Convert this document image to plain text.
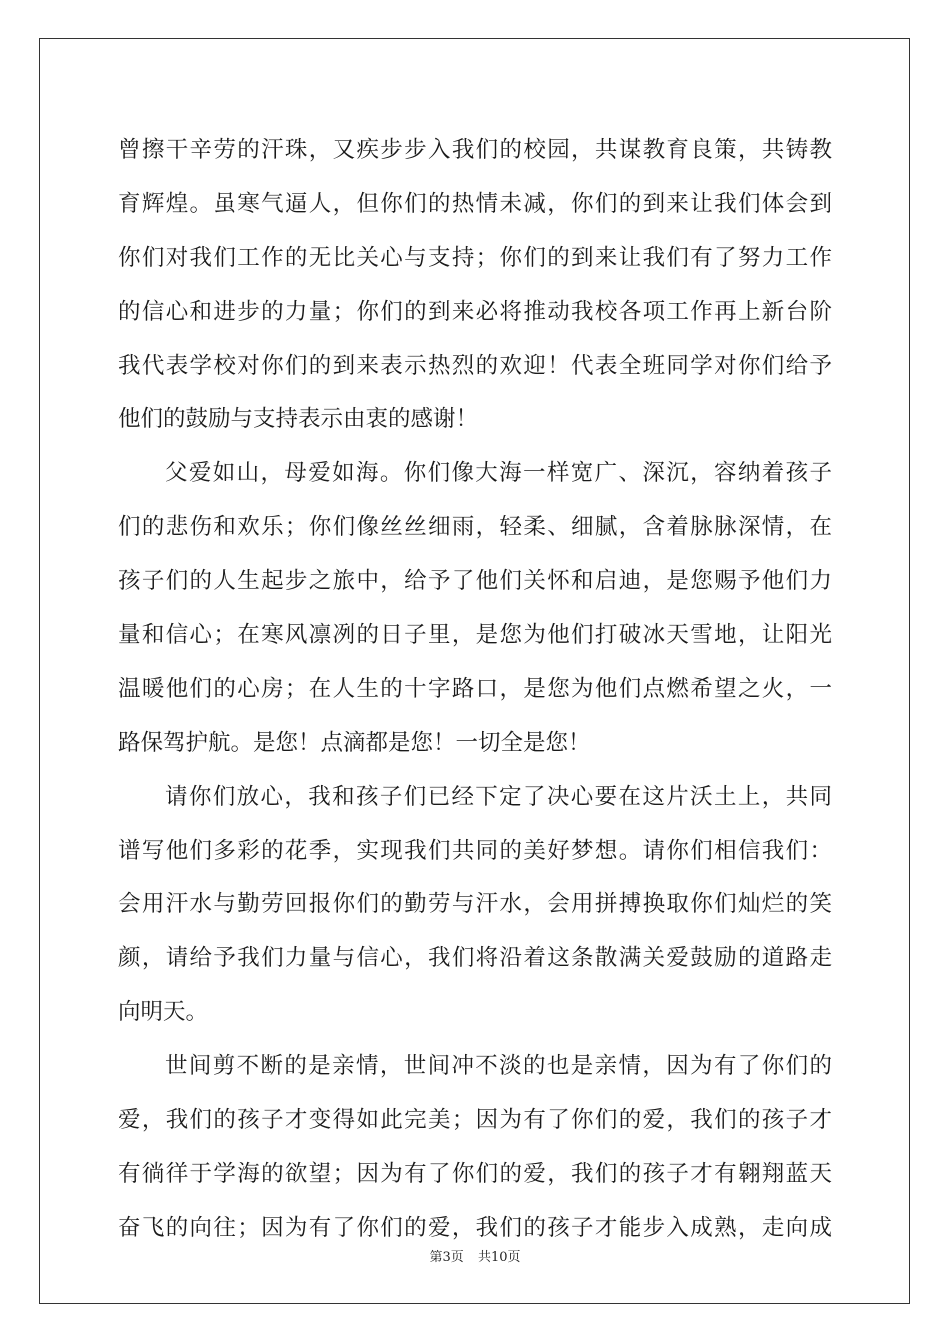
曾擦干辛劳的汗珠，又疾步步入我们的校园，共谋教育良策，共铸教
育辉煌。虽寒气逼人，但你们的热情未减，你们的到来让我们体会到
你们对我们工作的无比关心与支持；你们的到来让我们有了努力工作
的信心和进步的力量；你们的到来必将推动我校各项工作再上新台阶
我代表学校对你们的到来表示热烈的欢迎！代表全班同学对你们给予
他们的鼓励与支持表示由衷的感谢！
父爱如山，母爱如海。你们像大海一样宽广、深沉，容纳着孩子
们的悲伤和欢乐；你们像丝丝细雨，轻柔、细腻，含着脉脉深情，在
孩子们的人生起步之旅中，给予了他们关怀和启迪，是您赐予他们力
量和信心；在寒风凛冽的日子里，是您为他们打破冰天雪地，让阳光
温暖他们的心房；在人生的十字路口，是您为他们点燃希望之火，一
路保驾护航。是您！点滴都是您！一切全是您！
请你们放心，我和孩子们已经下定了决心要在这片沃土上，共同
谱写他们多彩的花季，实现我们共同的美好梦想。请你们相信我们：
会用汗水与勤劳回报你们的勤劳与汗水，会用拼搏换取你们灿烂的笑
颜，请给予我们力量与信心，我们将沿着这条散满关爱鼓励的道路走
向明天。
世间剪不断的是亲情，世间冲不淡的也是亲情，因为有了你们的
爱，我们的孩子才变得如此完美；因为有了你们的爱，我们的孩子才
有徜徉于学海的欲望；因为有了你们的爱，我们的孩子才有翱翔蓝天
奋飞的向往；因为有了你们的爱，我们的孩子才能步入成熟，走向成
第3页 共10页
